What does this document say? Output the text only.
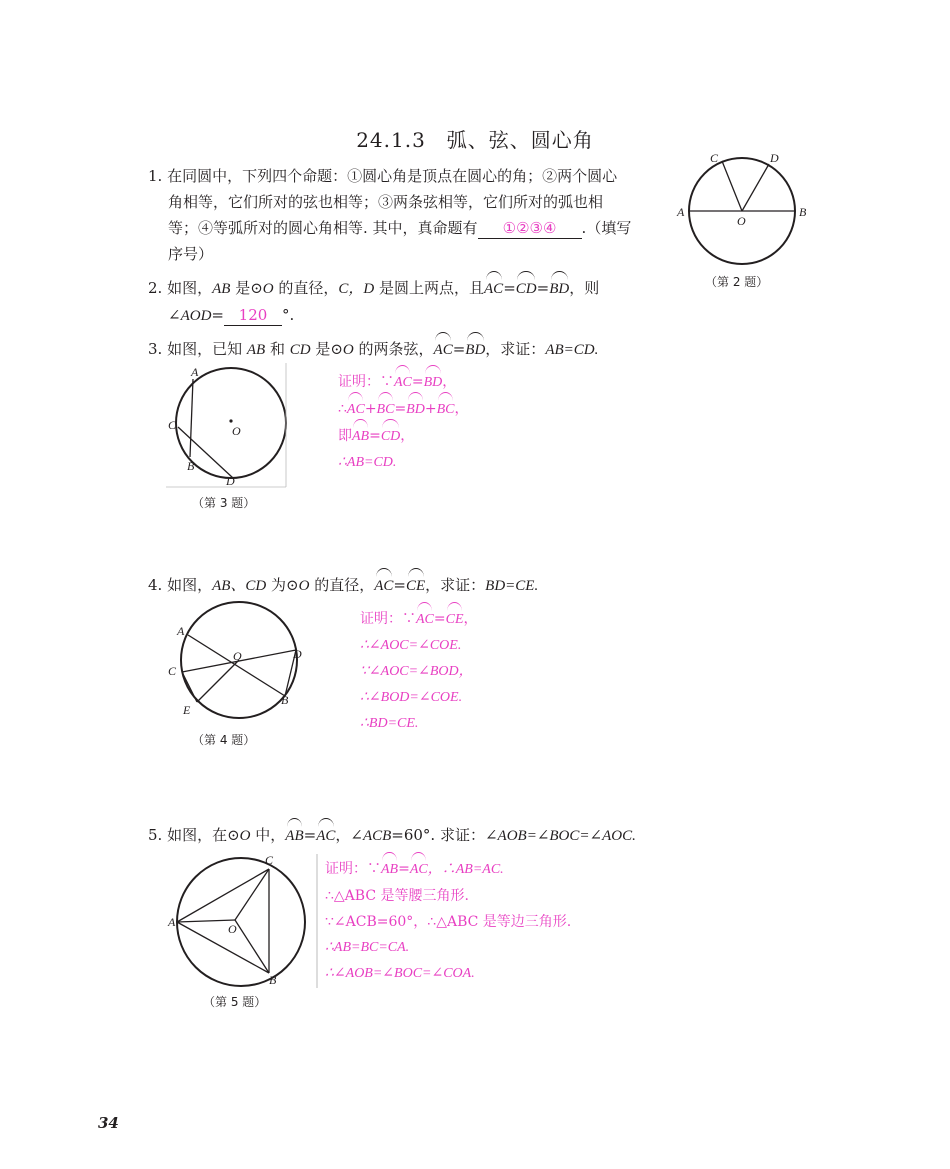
24.1.3　弧、弦、圆心角
1. 在同圆中，下列四个命题：①圆心角是顶点在圆心的角；②两个圆心
角相等，它们所对的弦也相等；③两条弦相等，它们所对的弧也相
等；④等弧所对的圆心角相等. 其中，真命题有 ①②③④ .（填写
序号）
A	B
C	D
O
（第 2 题）
2. 如图，AB 是⊙O 的直径，C，D 是圆上两点，且AC=CD=BD，则
∠AOD= 120 °.
3. 如图，已知 AB 和 CD 是⊙O 的两条弦，AC=BD，求证：AB=CD.
A
B
C
D
O
（第 3 题）
证明：∵AC=BD，
∴AC+BC=BD+BC，
即AB=CD，
∴AB=CD.
4. 如图，AB、CD 为⊙O 的直径，AC=CE，求证：BD=CE.
A
B
C
D
E
O
（第 4 题）
证明：∵AC=CE，
∴∠AOC=∠COE.
∵∠AOC=∠BOD，
∴∠BOD=∠COE.
∴BD=CE.
5. 如图，在⊙O 中，AB=AC，∠ACB=60°. 求证：∠AOB=∠BOC=∠AOC.
A
B
C
O
（第 5 题）
证明：∵AB=AC，∴AB=AC.
∴△ABC 是等腰三角形.
∵∠ACB=60°，∴△ABC 是等边三角形.
∴AB=BC=CA.
∴∠AOB=∠BOC=∠COA.
34
